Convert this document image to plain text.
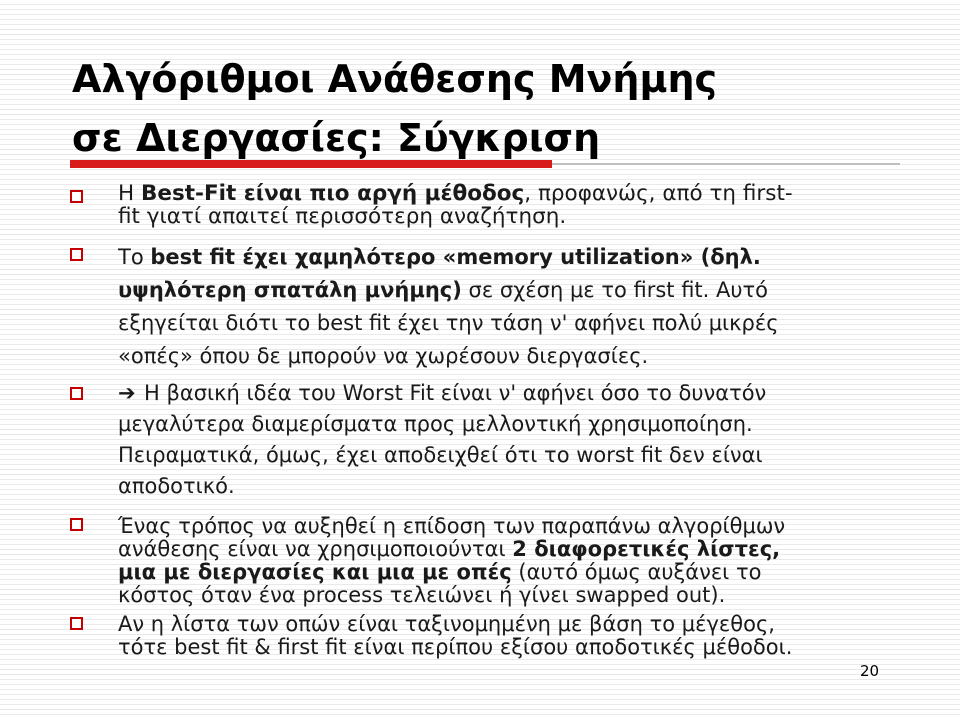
Αλγόριθμοι Ανάθεσης Μνήμης
σε Διεργασίες: Σύγκριση
Η Best-Fit είναι πιο αργή μέθοδος, προφανώς, από τη first-
fit γιατί απαιτεί περισσότερη αναζήτηση.
Το best fit έχει χαμηλότερο «memory utilization» (δηλ.
υψηλότερη σπατάλη μνήμης) σε σχέση με το first fit. Αυτό
εξηγείται διότι το best fit έχει την τάση ν' αφήνει πολύ μικρές
«οπές» όπου δε μπορούν να χωρέσουν διεργασίες.
➔ Η βασική ιδέα του Worst Fit είναι ν' αφήνει όσο το δυνατόν
μεγαλύτερα διαμερίσματα προς μελλοντική χρησιμοποίηση.
Πειραματικά, όμως, έχει αποδειχθεί ότι το worst fit δεν είναι
αποδοτικό.
Ένας τρόπος να αυξηθεί η επίδοση των παραπάνω αλγορίθμων
ανάθεσης είναι να χρησιμοποιούνται 2 διαφορετικές λίστες,
μια με διεργασίες και μια με οπές (αυτό όμως αυξάνει το
κόστος όταν ένα process τελειώνει ή γίνει swapped out).
Αν η λίστα των οπών είναι ταξινομημένη με βάση το μέγεθος,
τότε best fit & first fit είναι περίπου εξίσου αποδοτικές μέθοδοι.
20
